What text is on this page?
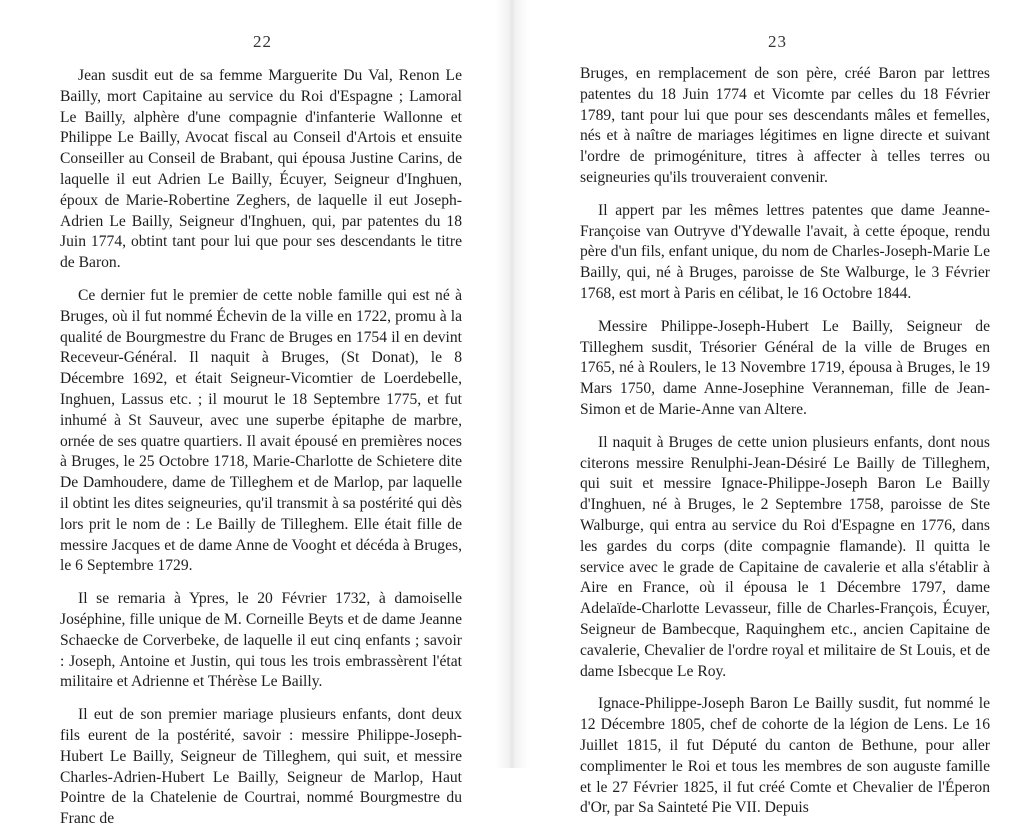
22

Jean susdit eut de sa femme Marguerite Du Val, Renon Le Bailly, mort Capitaine au service du Roi d'Espagne ; Lamoral Le Bailly, alphère d'une compagnie d'infanterie Wallonne et Philippe Le Bailly, Avocat fiscal au Conseil d'Artois et ensuite Conseiller au Conseil de Brabant, qui épousa Justine Carins, de laquelle il eut Adrien Le Bailly, Écuyer, Seigneur d'Inghuen, époux de Marie-Robertine Zeghers, de laquelle il eut Joseph-Adrien Le Bailly, Seigneur d'Inghuen, qui, par patentes du 18 Juin 1774, obtint tant pour lui que pour ses descendants le titre de Baron.

Ce dernier fut le premier de cette noble famille qui est né à Bruges, où il fut nommé Échevin de la ville en 1722, promu à la qualité de Bourgmestre du Franc de Bruges en 1754 il en devint Receveur-Général. Il naquit à Bruges, (St Donat), le 8 Décembre 1692, et était Seigneur-Vicomtier de Loerdebelle, Inghuen, Lassus etc. ; il mourut le 18 Septembre 1775, et fut inhumé à St Sauveur, avec une superbe épitaphe de marbre, ornée de ses quatre quartiers. Il avait épousé en premières noces à Bruges, le 25 Octobre 1718, Marie-Charlotte de Schietere dite De Damhoudere, dame de Tilleghem et de Marlop, par laquelle il obtint les dites seigneuries, qu'il transmit à sa postérité qui dès lors prit le nom de : Le Bailly de Tilleghem. Elle était fille de messire Jacques et de dame Anne de Vooght et décéda à Bruges, le 6 Septembre 1729.

Il se remaria à Ypres, le 20 Février 1732, à damoiselle Joséphine, fille unique de M. Corneille Beyts et de dame Jeanne Schaecke de Corverbeke, de laquelle il eut cinq enfants ; savoir : Joseph, Antoine et Justin, qui tous les trois embrassèrent l'état militaire et Adrienne et Thérèse Le Bailly.

Il eut de son premier mariage plusieurs enfants, dont deux fils eurent de la postérité, savoir : messire Philippe-Joseph-Hubert Le Bailly, Seigneur de Tilleghem, qui suit, et messire Charles-Adrien-Hubert Le Bailly, Seigneur de Marlop, Haut Pointre de la Chatelenie de Courtrai, nommé Bourgmestre du Franc de

23

Bruges, en remplacement de son père, créé Baron par lettres patentes du 18 Juin 1774 et Vicomte par celles du 18 Février 1789, tant pour lui que pour ses descendants mâles et femelles, nés et à naître de mariages légitimes en ligne directe et suivant l'ordre de primogéniture, titres à affecter à telles terres ou seigneuries qu'ils trouveraient convenir.

Il appert par les mêmes lettres patentes que dame Jeanne-Françoise van Outryve d'Ydewalle l'avait, à cette époque, rendu père d'un fils, enfant unique, du nom de Charles-Joseph-Marie Le Bailly, qui, né à Bruges, paroisse de Ste Walburge, le 3 Février 1768, est mort à Paris en célibat, le 16 Octobre 1844.

Messire Philippe-Joseph-Hubert Le Bailly, Seigneur de Tilleghem susdit, Trésorier Général de la ville de Bruges en 1765, né à Roulers, le 13 Novembre 1719, épousa à Bruges, le 19 Mars 1750, dame Anne-Josephine Veranneman, fille de Jean-Simon et de Marie-Anne van Altere.

Il naquit à Bruges de cette union plusieurs enfants, dont nous citerons messire Renulphi-Jean-Désiré Le Bailly de Tilleghem, qui suit et messire Ignace-Philippe-Joseph Baron Le Bailly d'Inghuen, né à Bruges, le 2 Septembre 1758, paroisse de Ste Walburge, qui entra au service du Roi d'Espagne en 1776, dans les gardes du corps (dite compagnie flamande). Il quitta le service avec le grade de Capitaine de cavalerie et alla s'établir à Aire en France, où il épousa le 1 Décembre 1797, dame Adelaïde-Charlotte Levasseur, fille de Charles-François, Écuyer, Seigneur de Bambecque, Raquinghem etc., ancien Capitaine de cavalerie, Chevalier de l'ordre royal et militaire de St Louis, et de dame Isbecque Le Roy.

Ignace-Philippe-Joseph Baron Le Bailly susdit, fut nommé le 12 Décembre 1805, chef de cohorte de la légion de Lens. Le 16 Juillet 1815, il fut Député du canton de Bethune, pour aller complimenter le Roi et tous les membres de son auguste famille et le 27 Février 1825, il fut créé Comte et Chevalier de l'Éperon d'Or, par Sa Sainteté Pie VII. Depuis
